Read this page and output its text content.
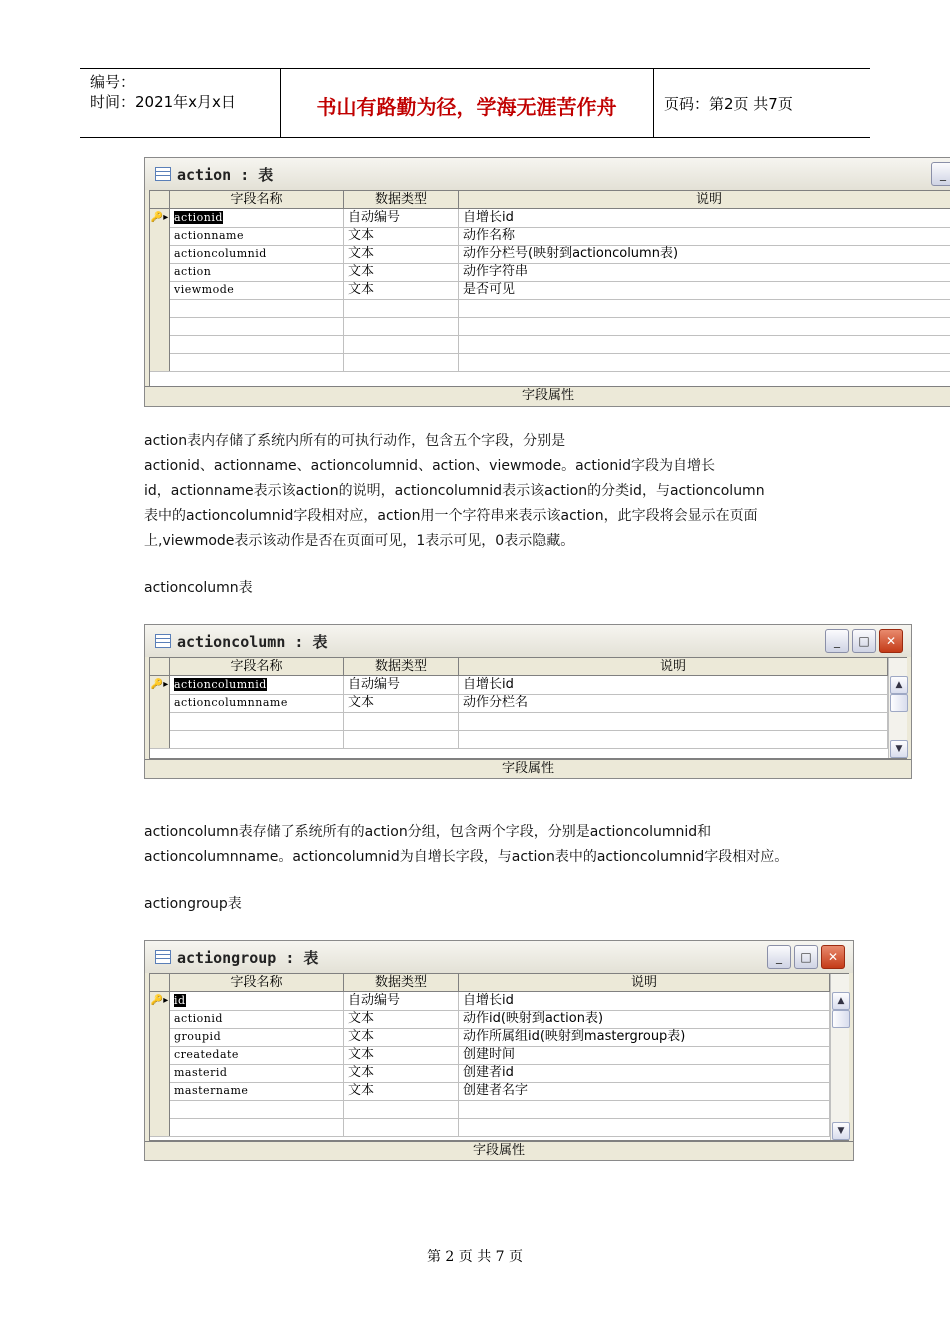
编号：
时间：2021年x月x日	书山有路勤为径，学海无涯苦作舟	页码：第2页 共7页
action : 表	_
字段名称	数据类型	说明
🔑▸ actionid	自动编号	自增长id
actionname	文本	动作名称
actioncolumnid	文本	动作分栏号(映射到actioncolumn表)
action	文本	动作字符串
viewmode	文本	是否可见
字段属性
action表内存储了系统内所有的可执行动作，包含五个字段，分别是
actionid、actionname、actioncolumnid、action、viewmode。actionid字段为自增长
id，actionname表示该action的说明，actioncolumnid表示该action的分类id，与actioncolumn
表中的actioncolumnid字段相对应，action用一个字符串来表示该action，此字段将会显示在页面
上,viewmode表示该动作是否在页面可见，1表示可见，0表示隐藏。
actioncolumn表
actioncolumn : 表	_	□	✕
字段名称	数据类型	说明
🔑▸ actioncolumnid	自动编号	自增长id
actioncolumnname	文本	动作分栏名
▲
▼
字段属性
actioncolumn表存储了系统所有的action分组，包含两个字段，分别是actioncolumnid和
actioncolumnname。actioncolumnid为自增长字段，与action表中的actioncolumnid字段相对应。
actiongroup表
actiongroup : 表	_	□	✕
字段名称	数据类型	说明
🔑▸ id	自动编号	自增长id
actionid	文本	动作id(映射到action表)
groupid	文本	动作所属组id(映射到mastergroup表)
createdate	文本	创建时间
masterid	文本	创建者id
mastername	文本	创建者名字
▲
▼
字段属性
第 2 页 共 7 页
